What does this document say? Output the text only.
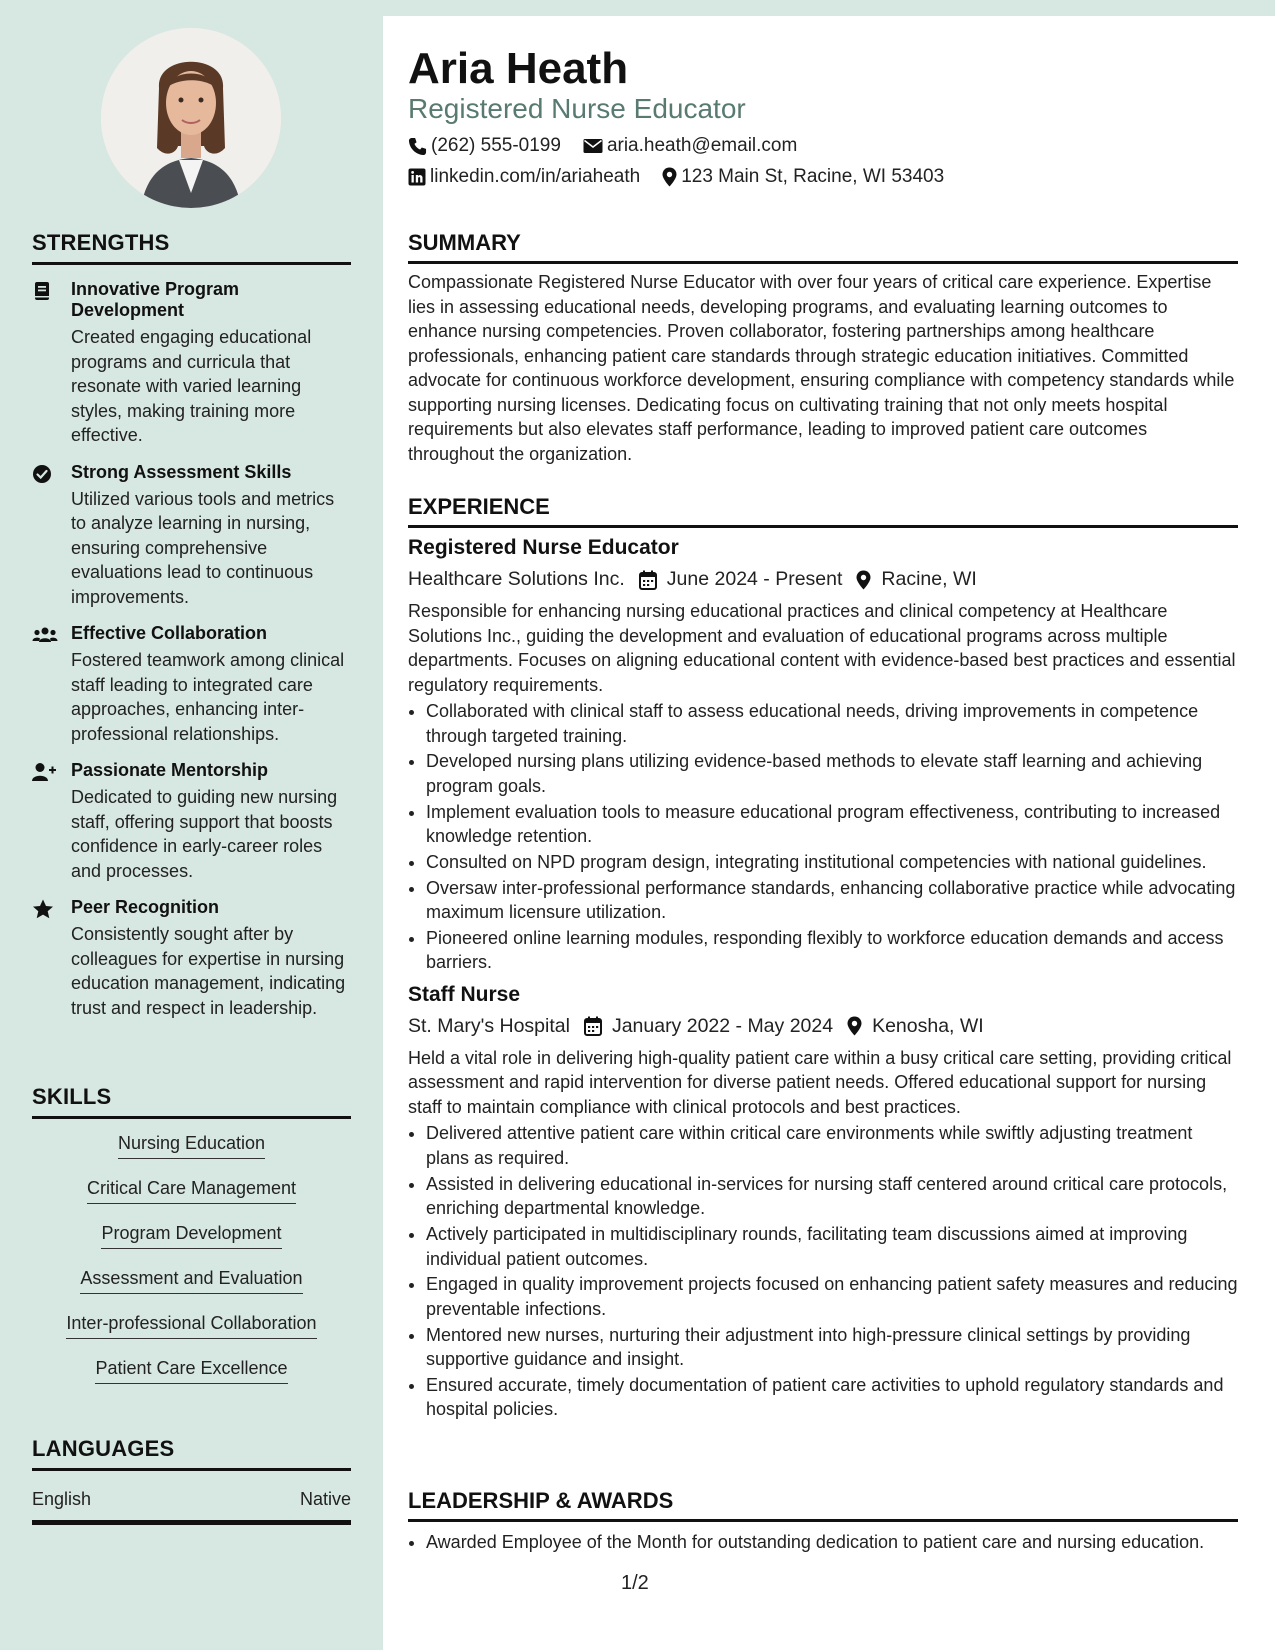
STRENGTHS
Innovative Program Development
Created engaging educational programs and curricula that resonate with varied learning styles, making training more effective.
Strong Assessment Skills
Utilized various tools and metrics to analyze learning in nursing, ensuring comprehensive evaluations lead to continuous improvements.
Effective Collaboration
Fostered teamwork among clinical staff leading to integrated care approaches, enhancing inter-professional relationships.
Passionate Mentorship
Dedicated to guiding new nursing staff, offering support that boosts confidence in early-career roles and processes.
Peer Recognition
Consistently sought after by colleagues for expertise in nursing education management, indicating trust and respect in leadership.
SKILLS
Nursing Education
Critical Care Management
Program Development
Assessment and Evaluation
Inter-professional Collaboration
Patient Care Excellence
LANGUAGES
English	Native
Aria Heath
Registered Nurse Educator
(262) 555-0199 aria.heath@email.com
linkedin.com/in/ariaheath 123 Main St, Racine, WI 53403
SUMMARY

Compassionate Registered Nurse Educator with over four years of critical care experience. Expertise lies in assessing educational needs, developing programs, and evaluating learning outcomes to enhance nursing competencies. Proven collaborator, fostering partnerships among healthcare professionals, enhancing patient care standards through strategic education initiatives. Committed advocate for continuous workforce development, ensuring compliance with competency standards while supporting nursing licenses. Dedicating focus on cultivating training that not only meets hospital requirements but also elevates staff performance, leading to improved patient care outcomes throughout the organization.

EXPERIENCE
Registered Nurse Educator
Healthcare Solutions Inc. June 2024 - Present Racine, WI

Responsible for enhancing nursing educational practices and clinical competency at Healthcare Solutions Inc., guiding the development and evaluation of educational programs across multiple departments. Focuses on aligning educational content with evidence-based best practices and essential regulatory requirements.

• Collaborated with clinical staff to assess educational needs, driving improvements in competence through targeted training.
• Developed nursing plans utilizing evidence-based methods to elevate staff learning and achieving program goals.
• Implement evaluation tools to measure educational program effectiveness, contributing to increased knowledge retention.
• Consulted on NPD program design, integrating institutional competencies with national guidelines.
• Oversaw inter-professional performance standards, enhancing collaborative practice while advocating maximum licensure utilization.
• Pioneered online learning modules, responding flexibly to workforce education demands and access barriers.
Staff Nurse
St. Mary's Hospital January 2022 - May 2024 Kenosha, WI

Held a vital role in delivering high-quality patient care within a busy critical care setting, providing critical assessment and rapid intervention for diverse patient needs. Offered educational support for nursing staff to maintain compliance with clinical protocols and best practices.

• Delivered attentive patient care within critical care environments while swiftly adjusting treatment plans as required.
• Assisted in delivering educational in-services for nursing staff centered around critical care protocols, enriching departmental knowledge.
• Actively participated in multidisciplinary rounds, facilitating team discussions aimed at improving individual patient outcomes.
• Engaged in quality improvement projects focused on enhancing patient safety measures and reducing preventable infections.
• Mentored new nurses, nurturing their adjustment into high-pressure clinical settings by providing supportive guidance and insight.
• Ensured accurate, timely documentation of patient care activities to uphold regulatory standards and hospital policies.
LEADERSHIP & AWARDS
• Awarded Employee of the Month for outstanding dedication to patient care and nursing education.
1/2
